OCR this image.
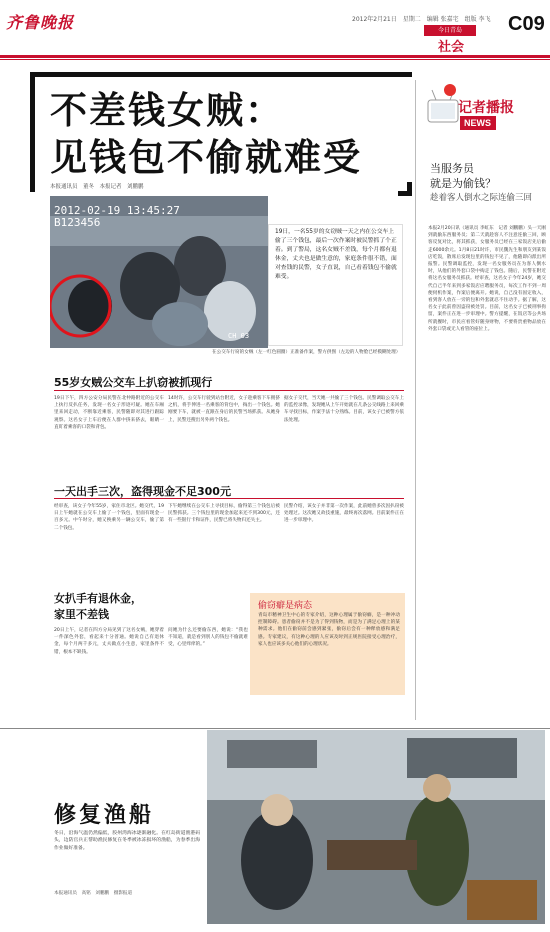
齐鲁晚报	2012年2月21日　星期二　编辑 张嘉宅　组版 李飞
今日青岛
社会
C09
不差钱女贼：
见钱包不偷就难受
本报通讯员　董冬　本报记者　刘鹏鹏
2012-02-19 13:45:27
B123456
CH 03
19日，一名55岁的女窃贼一天之内在公交车上偷了三个钱包，最后一次作案时被民警抓了个正着。到了警局，这名女贼不差钱，每个月都有退休金，丈夫也是做生意的，家庭条件很不错，面对查钱的民警，女子直说，自己看着钱包不偷就难受。
在公交车行窃的女贼（左一红色圆圈）正准备作案，警方供图（左边的人物脸已经模糊处理）
NEWS
记者播报
当服务员
就是为偷钱？
趁着客人倒水之际连偷三回
本报2月20日讯（通讯员 李虹东　记者 刘鹏鹏）头一天刚到就偷东西服务员；第二天就趁客人不注意连偷三回，顾客反复对比，将其抓获，女服务员已经在三家饭店先后偷走6000余元。1月8日21时许，市民魏先生和朋友到某饭店吃饭，散席后发现包里的钱包不见了，他随即向派出所报警。民警调取监控，发现一名女服务员在为客人倒水时，从他们的外套口袋中掏走了钱包。随后，民警在附近将这名女服务员抓获。经审查，这名女子今年24岁，她交代自己半年来到多家饭店应聘服务员，每次工作不到一周便伺机作案，作案后便离开。她说，自己没有固定收入，看到客人放在一旁的包和外套就忍不住动手。据了解，这名女子此前曾因盗窃被处罚。目前，这名女子已被刑事拘留，案件正在进一步审理中。警方提醒，在饭店等公共场所就餐时，市民应看管好随身财物，不要将贵重物品放在外套口袋或无人看管的座位上。
55岁女贼公交车上扒窃被抓现行
19日下午，四方公安分局民警在北仲路附近的公交车上执行反扒任务，发现一名女子形迹可疑。她在车厢里来回走动，不断靠近乘客，民警随即对其进行跟踪观察。这名女子上车后便在人群中挤来挤去，眼睛一直盯着乘客的口袋和背包。
14时许，公交车行驶到站台附近，女子趁乘客下车拥挤之机，将手伸进一名乘客的背包中，掏出一个钱包。她刚要下车，就被一直跟在身后的民警当场抓获。从她身上，民警还搜出另外两个钱包。
据女子交代，当天她一共偷了三个钱包。民警调取公交车上的监控录像，发现她从上午开始就在几条公交线路上来回乘车寻找目标，作案手法十分熟练。目前，该女子已被警方依法处理。
一天出手三次，盗得现金不足300元
经审查，该女子今年55岁，家住市北区。她交代，19日上午她就在公交车上偷了一个钱包，里面有现金一百多元。中午时分，她又换乘另一辆公交车，偷了第二个钱包。
下午她继续在公交车上寻找目标，偷得第三个钱包后被民警抓获。三个钱包里的现金加起来还不到300元，还有一些银行卡和证件，民警已将失物归还失主。
民警介绍，该女子并非第一次作案，此前她曾多次因扒窃被处理过。这次她又故技重施，最终再次落网。目前案件正在进一步审理中。
女扒手有退休金，
家里不差钱
20日上午，记者在四方分局见到了这名女贼，她穿着一件深色外套，看起来十分普通。她说自己有退休金，每个月两千多元，丈夫做点小生意，家里条件不错，根本不缺钱。
问她为什么还要偷东西，她说：“我也不知道，就是看到别人的钱包不偷就难受，心里痒痒的。”
偷窃癖是病态
青岛市精神卫生中心的专家介绍，这种心理属于偷窃癖，是一种冲动控制障碍。患者偷窃并不是为了得到钱物，而是为了满足心理上的某种需求。他们在偷窃前会感到紧张，偷窃后会有一种释放感和满足感。专家建议，有这种心理的人应该及时到正规医院接受心理治疗，家人也应该多关心他们的心理状况。
修复渔船
冬日，沿海气温仍然偏低，胶州湾海冰逐渐融化。在红岛街道渔港码头，边防官兵正帮助渔民修复在冬季被冰冻损坏的渔船，为春季出海作业做好准备。
本报通讯员　高铭　刘鹏鹏　摄影报道
